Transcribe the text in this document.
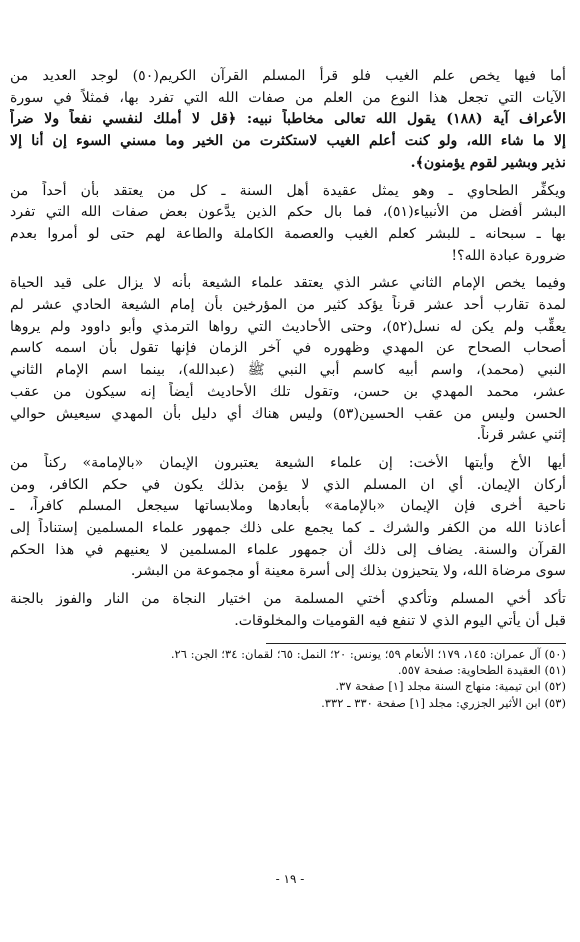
أما فيها يخص علم الغيب فلو قرأ المسلم القرآن الكريم(٥٠) لوجد العديد من
الآيات التي تجعل هذا النوع من العلم من صفات الله التي تفرد بها، فمثلاً في سورة
الأعراف آية (١٨٨) يقول الله تعالى مخاطباً نبيه: ﴿قل لا أملك لنفسي نفعاً ولا ضراً
إلا ما شاء الله، ولو كنت أعلم الغيب لاستكثرت من الخير وما مسني السوء إن أنا إلا
نذير وبشير لقوم يؤمنون﴾.
ويكفِّر الطحاوي ـ وهو يمثل عقيدة أهل السنة ـ كل من يعتقد بأن أحداً من
البشر أفضل من الأنبياء(٥١)، فما بال حكم الذين يدَّعون بعض صفات الله التي تفرد
بها ـ سبحانه ـ للبشر كعلم الغيب والعصمة الكاملة والطاعة لهم حتى لو أمروا بعدم
ضرورة عبادة الله؟!
وفيما يخص الإمام الثاني عشر الذي يعتقد علماء الشيعة بأنه لا يزال على قيد الحياة
لمدة تقارب أحد عشر قرناً يؤكد كثير من المؤرخين بأن إمام الشيعة الحادي عشر لم
يعقِّب ولم يكن له نسل(٥٢)، وحتى الأحاديث التي رواها الترمذي وأبو داوود ولم يروها
أصحاب الصحاح عن المهدي وظهوره في آخر الزمان فإنها تقول بأن اسمه كاسم
النبي (محمد)، واسم أبيه كاسم أبي النبي ﷺ (عبدالله)، بينما اسم الإمام الثاني
عشر، محمد المهدي بن حسن، وتقول تلك الأحاديث أيضاً إنه سيكون من عقب
الحسن وليس من عقب الحسين(٥٣) وليس هناك أي دليل بأن المهدي سيعيش حوالي
إثني عشر قرناً.
أيها الأخ وأيتها الأخت: إن علماء الشيعة يعتبرون الإيمان «بالإمامة» ركناً من
أركان الإيمان. أي ان المسلم الذي لا يؤمن بذلك يكون في حكم الكافر، ومن
ناحية أخرى فإن الإيمان «بالإمامة» بأبعادها وملابساتها سيجعل المسلم كافراً، ـ
أعاذنا الله من الكفر والشرك ـ كما يجمع على ذلك جمهور علماء المسلمين إستناداً إلى
القرآن والسنة. يضاف إلى ذلك أن جمهور علماء المسلمين لا يعنيهم في هذا الحكم
سوى مرضاة الله، ولا يتحيزون بذلك إلى أسرة معينة أو مجموعة من البشر.
تأكد أخي المسلم وتأكدي أختي المسلمة من اختيار النجاة من النار والفوز بالجنة
قبل أن يأتي اليوم الذي لا تنفع فيه القوميات والمخلوقات.
(٥٠) آل عمران: ١٤٥، ١٧٩؛ الأنعام ٥٩؛ يونس: ٢٠؛ النمل: ٦٥؛ لقمان: ٣٤؛ الجن: ٢٦.
(٥١) العقيدة الطحاوية: صفحة ٥٥٧.
(٥٢) ابن تيمية: منهاج السنة مجلد [١] صفحة ٣٧.
(٥٣) ابن الأثير الجزري: مجلد [١] صفحة ٣٣٠ ـ ٣٣٢.
- ١٩ -
